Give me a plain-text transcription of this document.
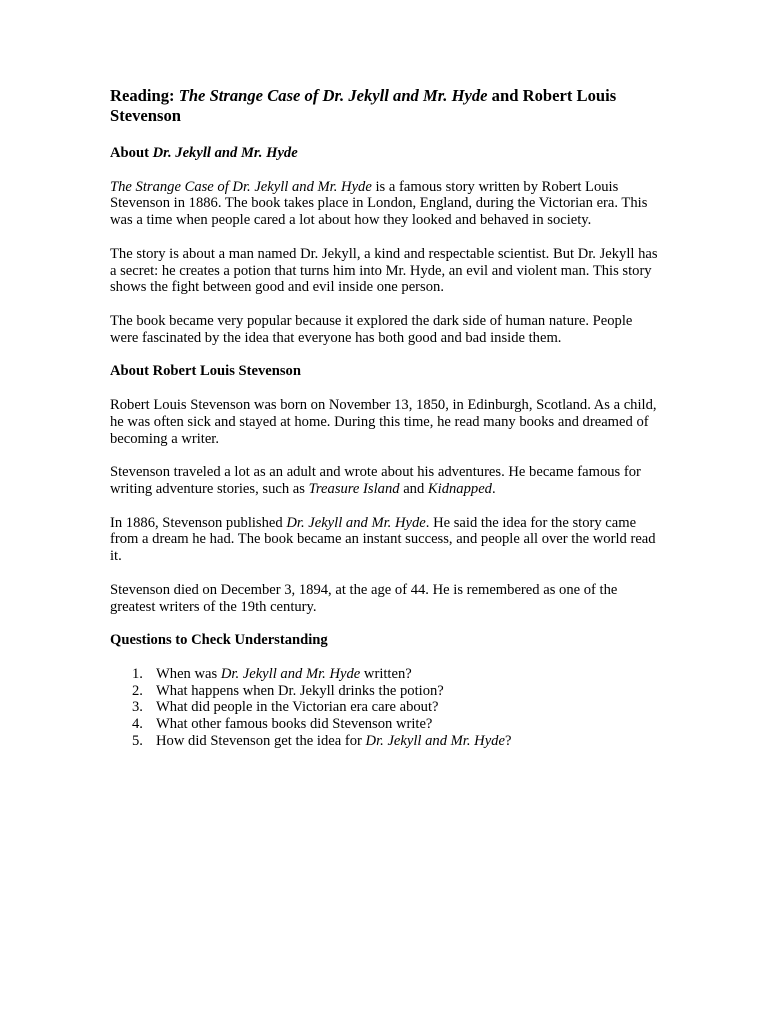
Reading: The Strange Case of Dr. Jekyll and Mr. Hyde and Robert Louis Stevenson
About Dr. Jekyll and Mr. Hyde

The Strange Case of Dr. Jekyll and Mr. Hyde is a famous story written by Robert Louis Stevenson in 1886. The book takes place in London, England, during the Victorian era. This was a time when people cared a lot about how they looked and behaved in society.

The story is about a man named Dr. Jekyll, a kind and respectable scientist. But Dr. Jekyll has a secret: he creates a potion that turns him into Mr. Hyde, an evil and violent man. This story shows the fight between good and evil inside one person.

The book became very popular because it explored the dark side of human nature. People were fascinated by the idea that everyone has both good and bad inside them.

About Robert Louis Stevenson

Robert Louis Stevenson was born on November 13, 1850, in Edinburgh, Scotland. As a child, he was often sick and stayed at home. During this time, he read many books and dreamed of becoming a writer.

Stevenson traveled a lot as an adult and wrote about his adventures. He became famous for writing adventure stories, such as Treasure Island and Kidnapped.

In 1886, Stevenson published Dr. Jekyll and Mr. Hyde. He said the idea for the story came from a dream he had. The book became an instant success, and people all over the world read it.

Stevenson died on December 3, 1894, at the age of 44. He is remembered as one of the greatest writers of the 19th century.

Questions to Check Understanding
1. When was Dr. Jekyll and Mr. Hyde written?
2. What happens when Dr. Jekyll drinks the potion?
3. What did people in the Victorian era care about?
4. What other famous books did Stevenson write?
5. How did Stevenson get the idea for Dr. Jekyll and Mr. Hyde?
